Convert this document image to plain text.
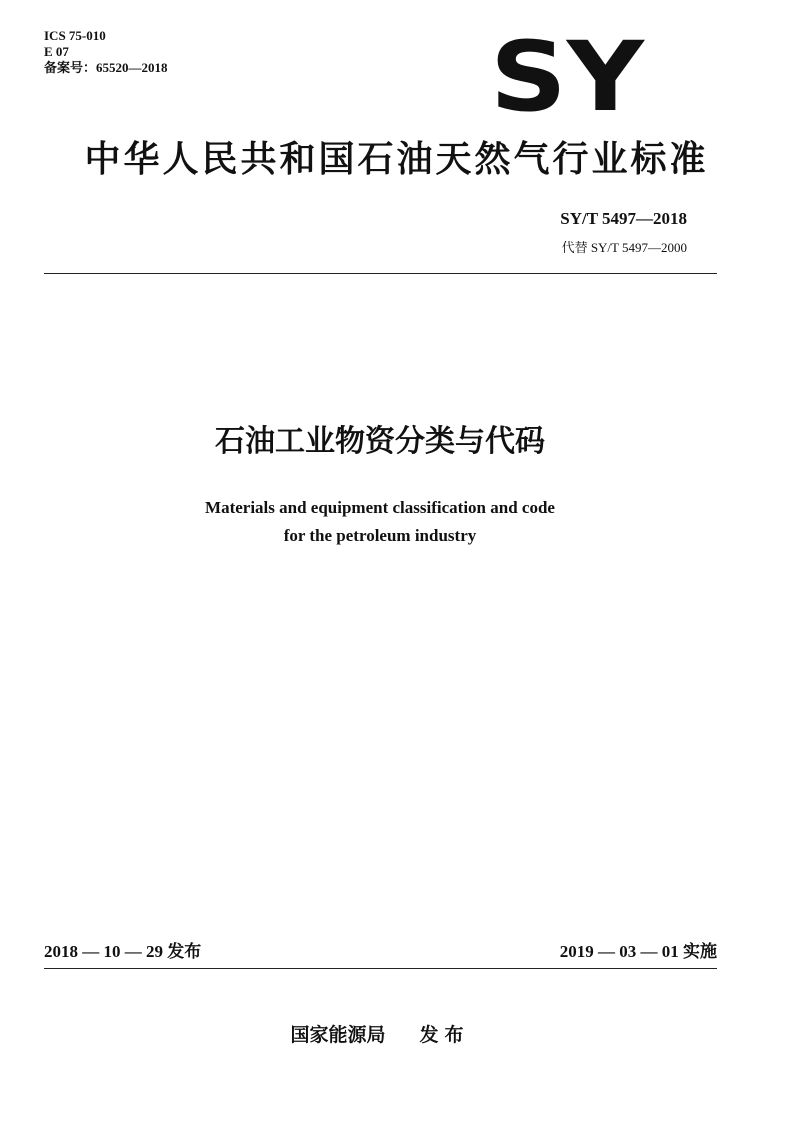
ICS 75-010
E 07
备案号：65520—2018	SY
中华人民共和国石油天然气行业标准
SY/T 5497—2018
代替 SY/T 5497—2000
石油工业物资分类与代码
Materials and equipment classification and code
for the petroleum industry
2018 — 10 — 29 发布	2019 — 03 — 01 实施
国家能源局 发布
